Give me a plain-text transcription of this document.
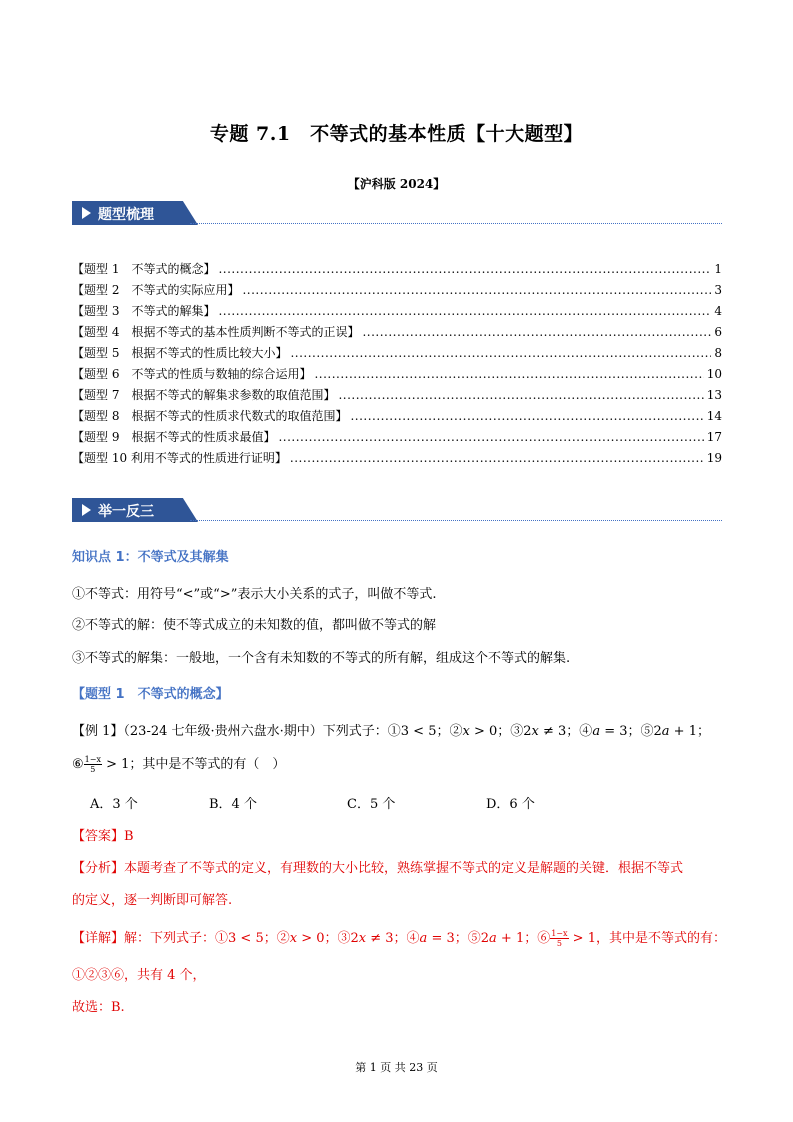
专题 7.1　不等式的基本性质【十大题型】
【沪科版 2024】
题型梳理
【题型 1　不等式的概念】 .....	1
【题型 2　不等式的实际应用】 .....	3
【题型 3　不等式的解集】 .....	4
【题型 4　根据不等式的基本性质判断不等式的正误】 .....	6
【题型 5　根据不等式的性质比较大小】 .....	8
【题型 6　不等式的性质与数轴的综合运用】 .....	10
【题型 7　根据不等式的解集求参数的取值范围】 .....	13
【题型 8　根据不等式的性质求代数式的取值范围】 .....	14
【题型 9　根据不等式的性质求最值】 .....	17
【题型 10 利用不等式的性质进行证明】 .....	19
举一反三
知识点 1：不等式及其解集
①不等式：用符号“<”或“>”表示大小关系的式子，叫做不等式.
②不等式的解：使不等式成立的未知数的值，都叫做不等式的解
③不等式的解集：一般地，一个含有未知数的不等式的所有解，组成这个不等式的解集.
【题型 1　不等式的概念】
【例 1】（23-24 七年级·贵州六盘水·期中）下列式子：①3 < 5；②x > 0；③2x ≠ 3；④a = 3；⑤2a + 1；
⑥ $\frac{1-x}{5} > 1$；其中是不等式的有（　）
A．3 个	B．4 个	C．5 个	D．6 个
【答案】B
【分析】本题考查了不等式的定义，有理数的大小比较，熟练掌握不等式的定义是解题的关键．根据不等式
的定义，逐一判断即可解答.
【详解】解：下列式子：①3 < 5；②x > 0；③2x ≠ 3；④a = 3；⑤2a + 1；⑥ $\frac{1-x}{5} > 1$，其中是不等式的有：
①②③⑥，共有 4 个，
故选：B.
第 1 页 共 23 页
